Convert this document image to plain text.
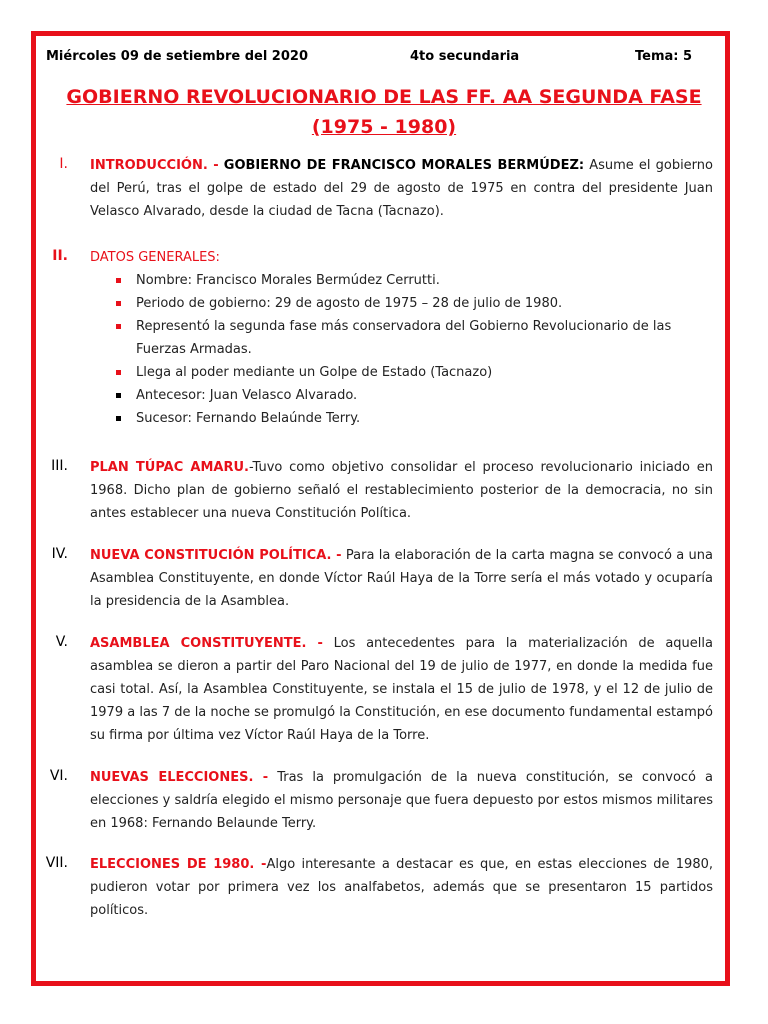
Miércoles 09 de setiembre del 2020	4to secundaria	Tema: 5
GOBIERNO REVOLUCIONARIO DE LAS FF. AA SEGUNDA FASE
(1975 - 1980)
I. INTRODUCCIÓN. - GOBIERNO DE FRANCISCO MORALES BERMÚDEZ: Asume el gobierno del Perú, tras el golpe de estado del 29 de agosto de 1975 en contra del presidente Juan Velasco Alvarado, desde la ciudad de Tacna (Tacnazo).
II. DATOS GENERALES:
Nombre: Francisco Morales Bermúdez Cerrutti.
Periodo de gobierno: 29 de agosto de 1975 – 28 de julio de 1980.
Representó la segunda fase más conservadora del Gobierno Revolucionario de las Fuerzas Armadas.
Llega al poder mediante un Golpe de Estado (Tacnazo)
Antecesor: Juan Velasco Alvarado.
Sucesor: Fernando Belaúnde Terry.
III. PLAN TÚPAC AMARU.-Tuvo como objetivo consolidar el proceso revolucionario iniciado en 1968. Dicho plan de gobierno señaló el restablecimiento posterior de la democracia, no sin antes establecer una nueva Constitución Política.
IV. NUEVA CONSTITUCIÓN POLÍTICA. - Para la elaboración de la carta magna se convocó a una Asamblea Constituyente, en donde Víctor Raúl Haya de la Torre sería el más votado y ocuparía la presidencia de la Asamblea.
V. ASAMBLEA CONSTITUYENTE. - Los antecedentes para la materialización de aquella asamblea se dieron a partir del Paro Nacional del 19 de julio de 1977, en donde la medida fue casi total. Así, la Asamblea Constituyente, se instala el 15 de julio de 1978, y el 12 de julio de 1979 a las 7 de la noche se promulgó la Constitución, en ese documento fundamental estampó su firma por última vez Víctor Raúl Haya de la Torre.
VI. NUEVAS ELECCIONES. - Tras la promulgación de la nueva constitución, se convocó a elecciones y saldría elegido el mismo personaje que fuera depuesto por estos mismos militares en 1968: Fernando Belaunde Terry.
VII. ELECCIONES DE 1980. -Algo interesante a destacar es que, en estas elecciones de 1980, pudieron votar por primera vez los analfabetos, además que se presentaron 15 partidos políticos.
